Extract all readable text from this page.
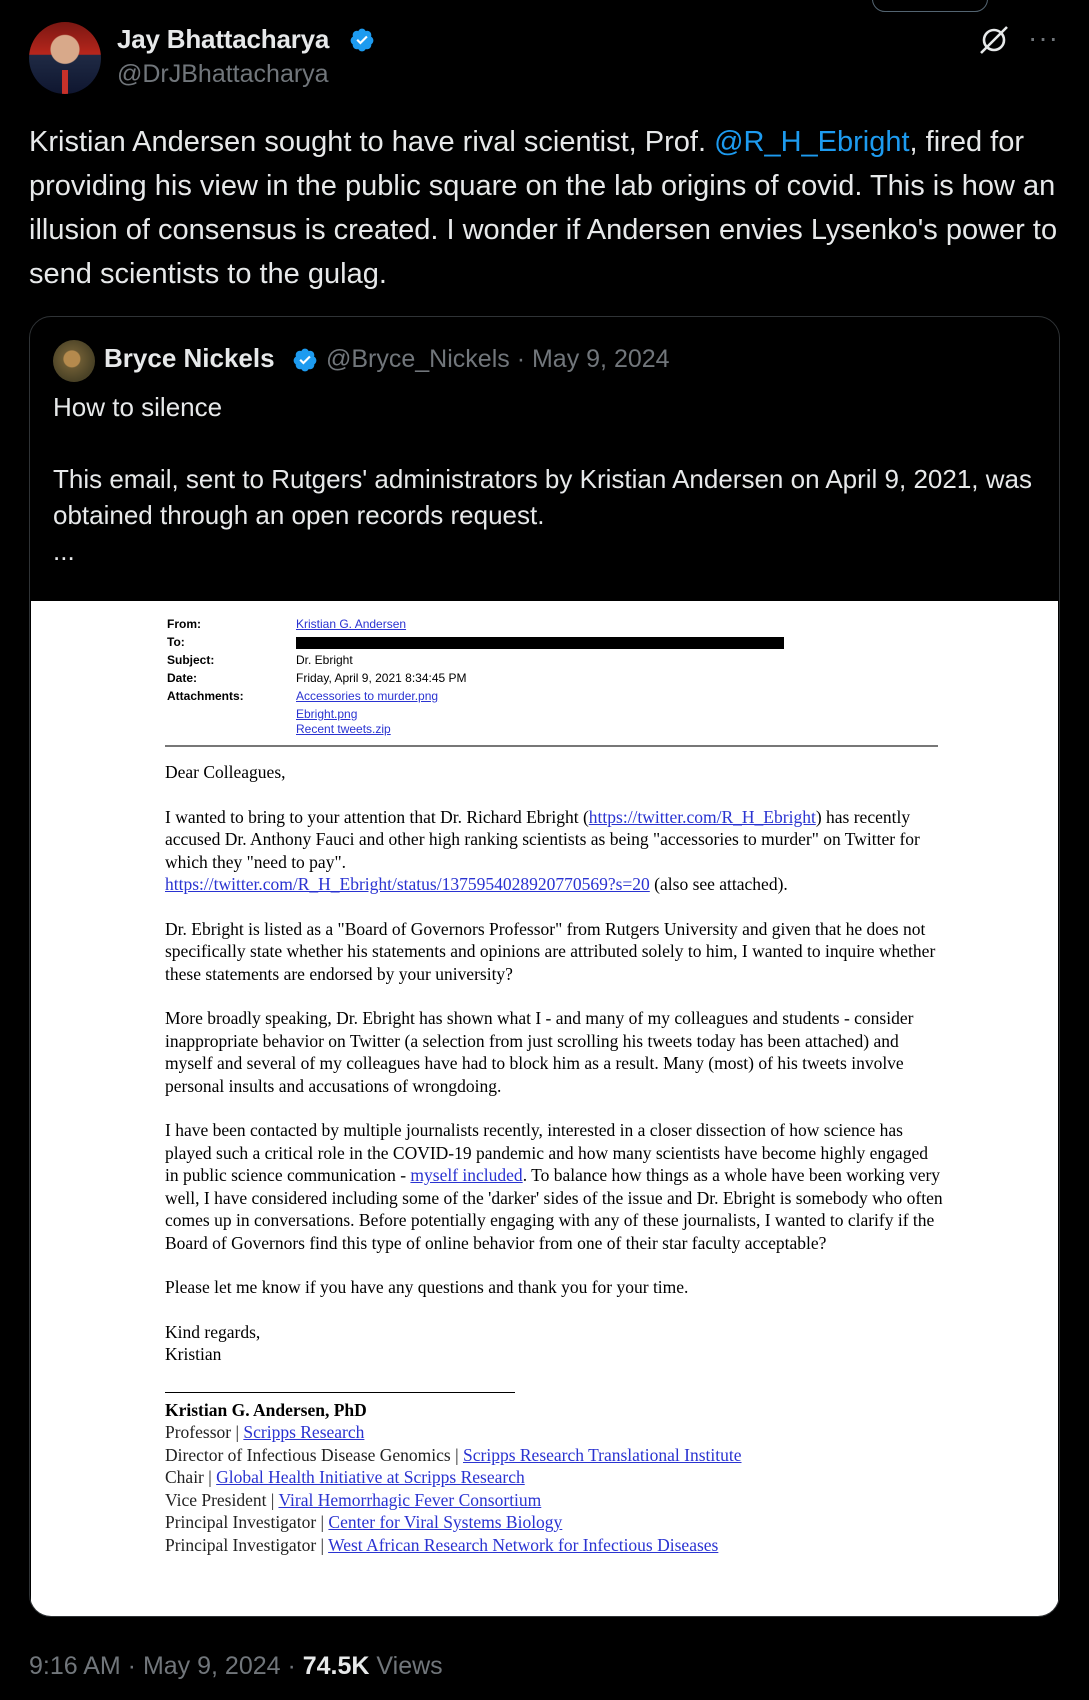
Jay Bhattacharya
@DrJBhattacharya
···
Kristian Andersen sought to have rival scientist, Prof. @R_H_Ebright, fired for providing his view in the public square on the lab origins of covid. This is how an illusion of consensus is created. I wonder if Andersen envies Lysenko's power to send scientists to the gulag.
Bryce Nickels @Bryce_Nickels · May 9, 2024
How to silence

This email, sent to Rutgers' administrators by Kristian Andersen on April 9, 2021, was obtained through an open records request.
...
From:	Kristian G. Andersen
To:
Subject:	Dr. Ebright
Date:	Friday, April 9, 2021 8:34:45 PM
Attachments:	Accessories to murder.png
Ebright.png
Recent tweets.zip

Dear Colleagues,

I wanted to bring to your attention that Dr. Richard Ebright (https://twitter.com/R_H_Ebright) has recently accused Dr. Anthony Fauci and other high ranking scientists as being "accessories to murder" on Twitter for which they "need to pay".
https://twitter.com/R_H_Ebright/status/1375954028920770569?s=20 (also see attached).

Dr. Ebright is listed as a "Board of Governors Professor" from Rutgers University and given that he does not specifically state whether his statements and opinions are attributed solely to him, I wanted to inquire whether these statements are endorsed by your university?

More broadly speaking, Dr. Ebright has shown what I - and many of my colleagues and students - consider inappropriate behavior on Twitter (a selection from just scrolling his tweets today has been attached) and myself and several of my colleagues have had to block him as a result. Many (most) of his tweets involve personal insults and accusations of wrongdoing.

I have been contacted by multiple journalists recently, interested in a closer dissection of how science has played such a critical role in the COVID-19 pandemic and how many scientists have become highly engaged in public science communication - myself included. To balance how things as a whole have been working very well, I have considered including some of the 'darker' sides of the issue and Dr. Ebright is somebody who often comes up in conversations. Before potentially engaging with any of these journalists, I wanted to clarify if the Board of Governors find this type of online behavior from one of their star faculty acceptable?

Please let me know if you have any questions and thank you for your time.

Kind regards,
Kristian

Kristian G. Andersen, PhD
Professor | Scripps Research
Director of Infectious Disease Genomics | Scripps Research Translational Institute
Chair | Global Health Initiative at Scripps Research
Vice President | Viral Hemorrhagic Fever Consortium
Principal Investigator | Center for Viral Systems Biology
Principal Investigator | West African Research Network for Infectious Diseases
9:16 AM · May 9, 2024 · 74.5K Views
